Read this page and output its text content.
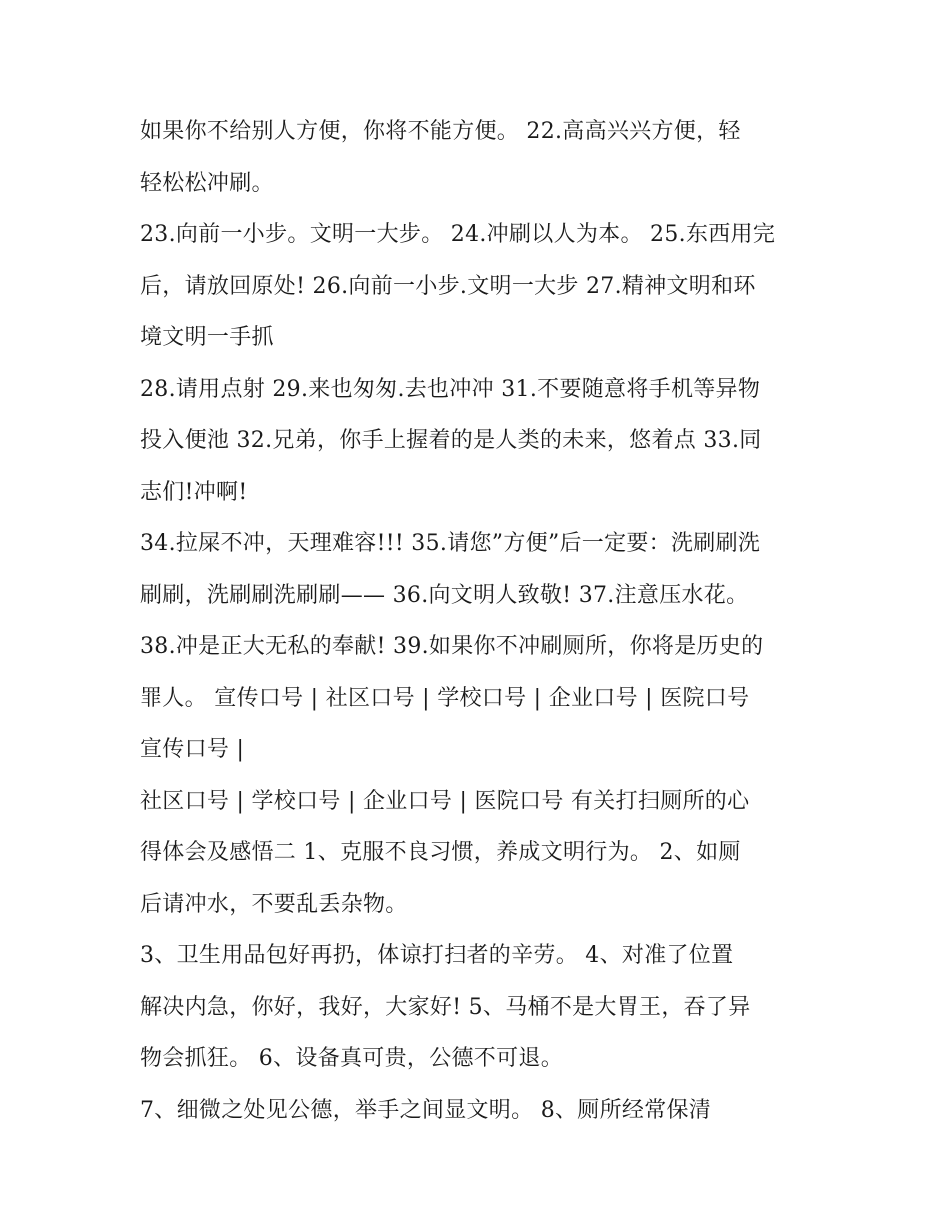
如果你不给别人方便，你将不能方便。 22.高高兴兴方便，轻
轻松松冲刷。
23.向前一小步。文明一大步。 24.冲刷以人为本。 25.东西用完
后，请放回原处! 26.向前一小步.文明一大步 27.精神文明和环
境文明一手抓
28.请用点射 29.来也匆匆.去也冲冲 31.不要随意将手机等异物
投入便池 32.兄弟，你手上握着的是人类的未来，悠着点 33.同
志们!冲啊!
34.拉屎不冲，天理难容!!! 35.请您”方便”后一定要：洗刷刷洗
刷刷，洗刷刷洗刷刷—— 36.向文明人致敬! 37.注意压水花。
38.冲是正大无私的奉献! 39.如果你不冲刷厕所，你将是历史的
罪人。 宣传口号 | 社区口号 | 学校口号 | 企业口号 | 医院口号
宣传口号 |
社区口号 | 学校口号 | 企业口号 | 医院口号 有关打扫厕所的心
得体会及感悟二 1、克服不良习惯，养成文明行为。 2、如厕
后请冲水，不要乱丢杂物。
3、卫生用品包好再扔，体谅打扫者的辛劳。 4、对准了位置
解决内急，你好，我好，大家好! 5、马桶不是大胃王，吞了异
物会抓狂。 6、设备真可贵，公德不可退。
7、细微之处见公德，举手之间显文明。 8、厕所经常保清
